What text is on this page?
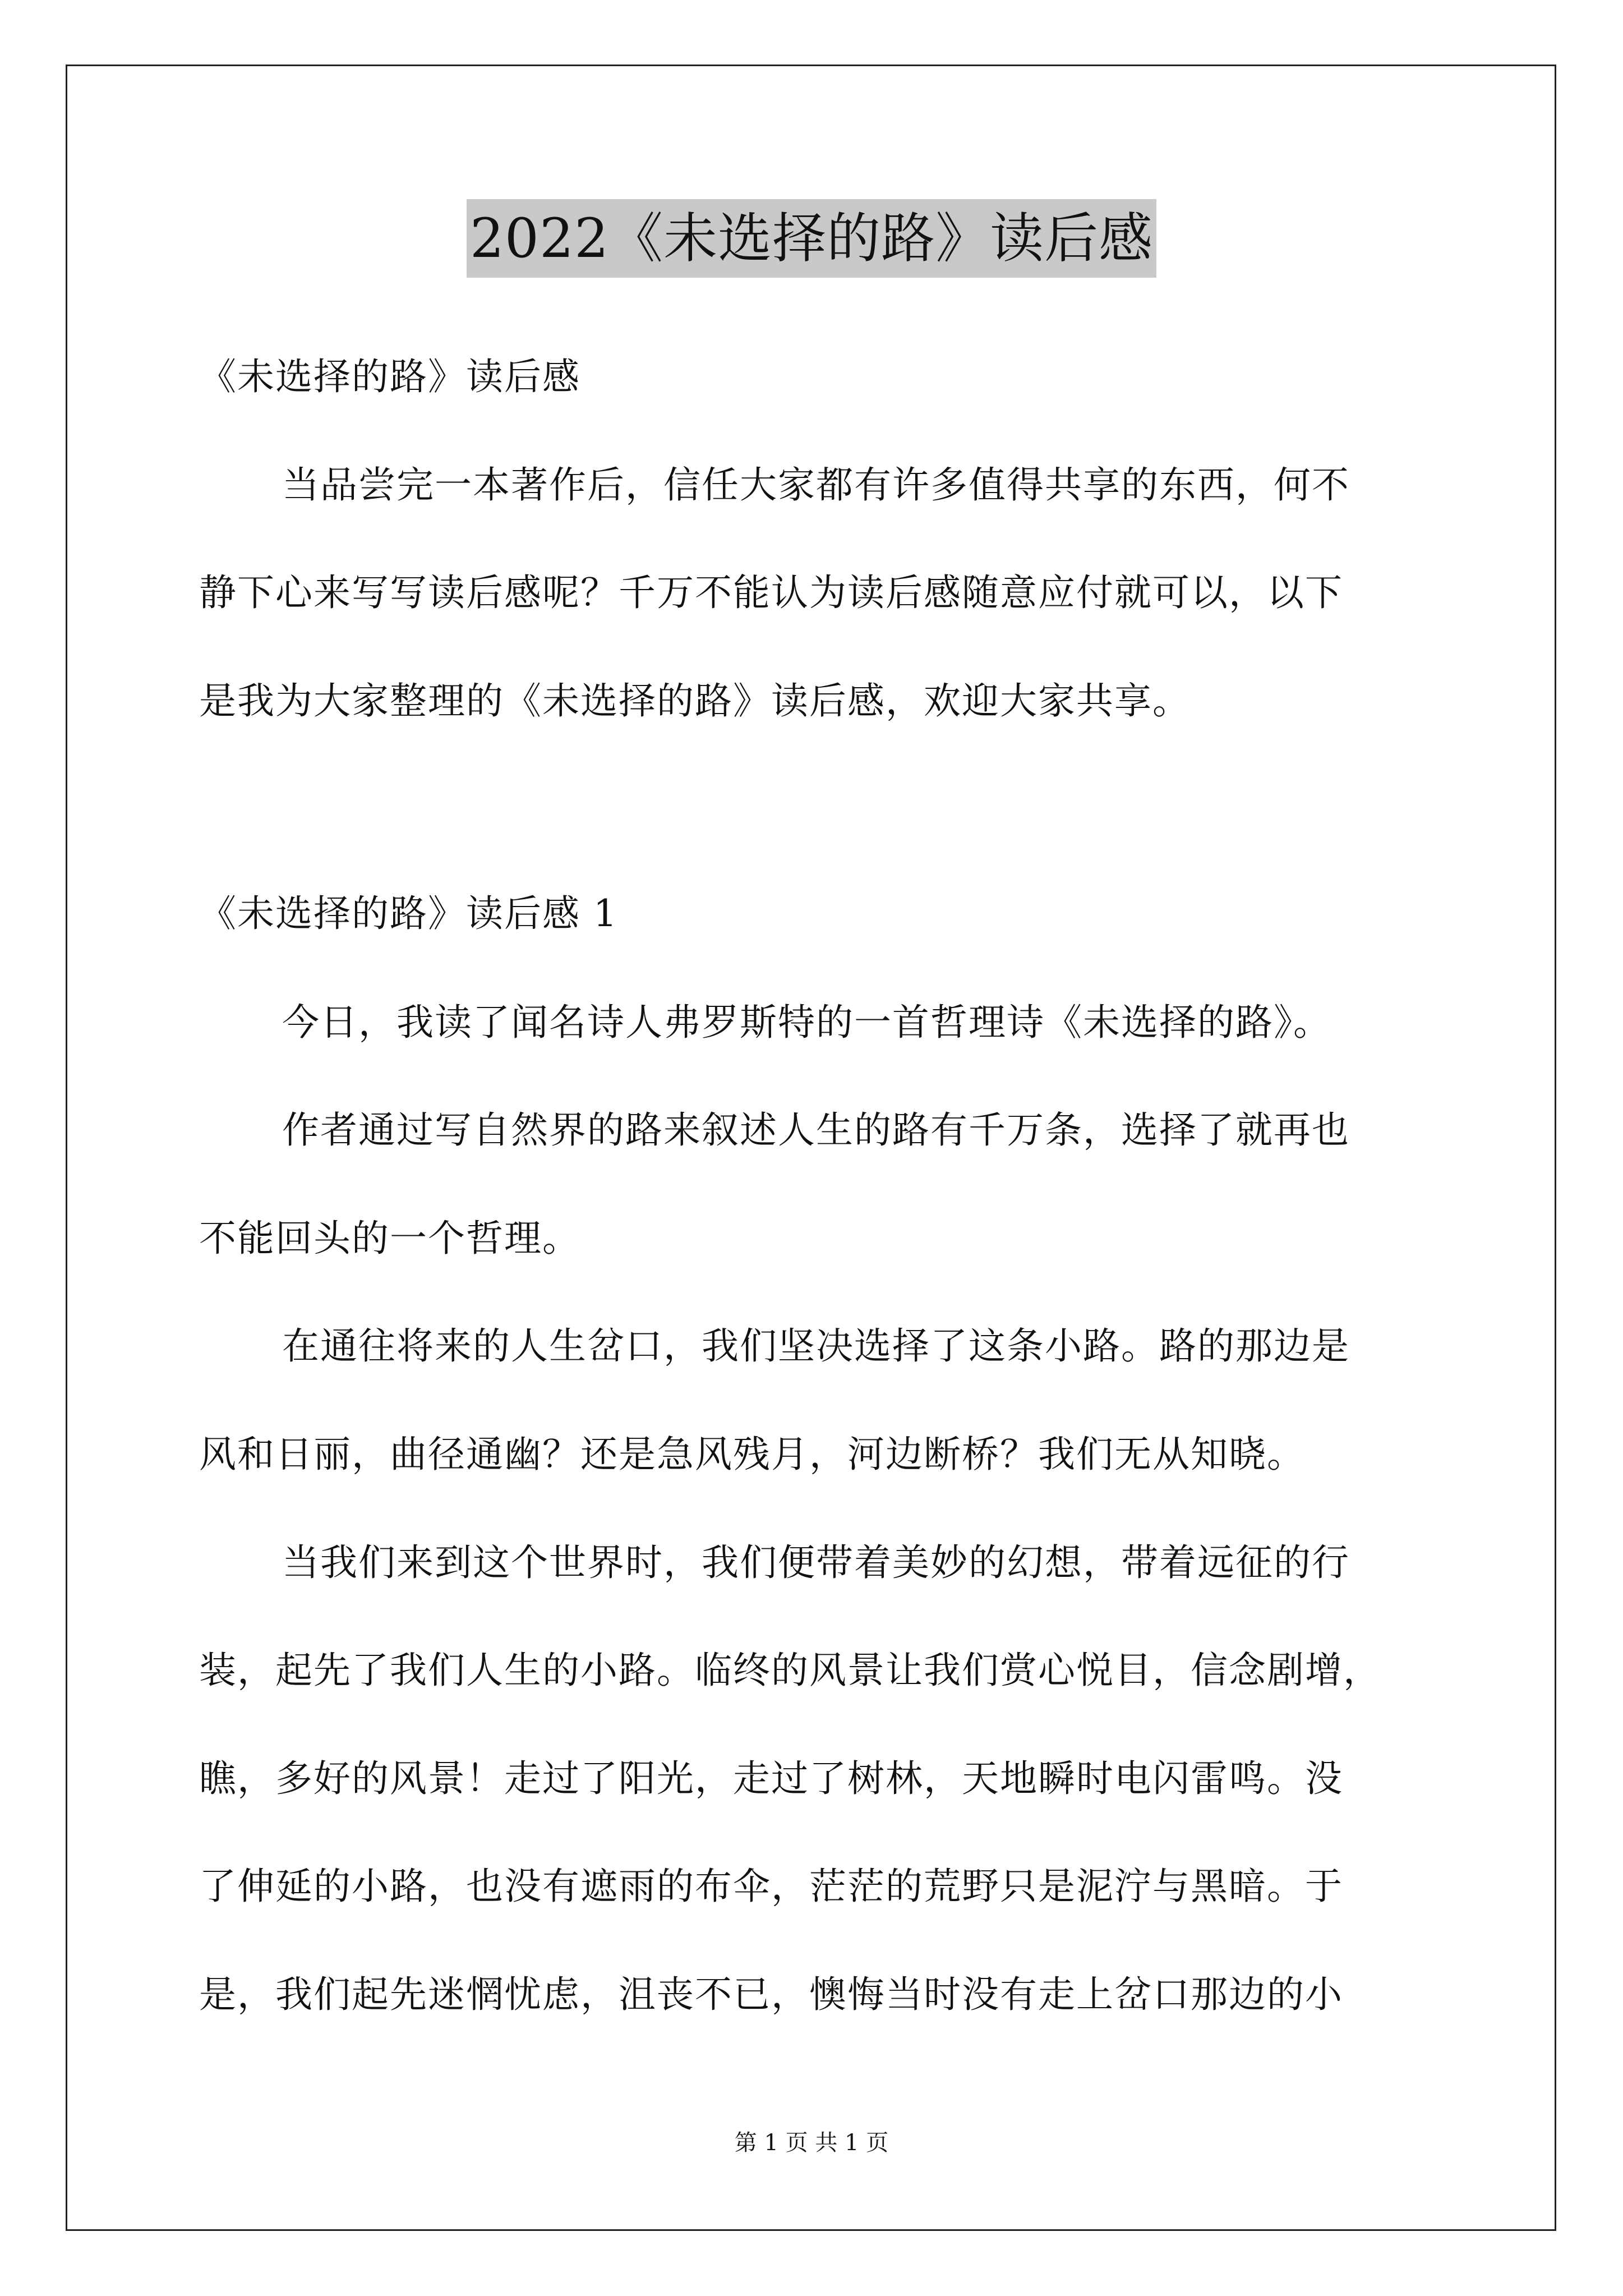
2022《未选择的路》读后感
《未选择的路》读后感
当品尝完一本著作后，信任大家都有许多值得共享的东西，何不
静下心来写写读后感呢？千万不能认为读后感随意应付就可以，以下
是我为大家整理的《未选择的路》读后感，欢迎大家共享。
《未选择的路》读后感 1
今日，我读了闻名诗人弗罗斯特的一首哲理诗《未选择的路》。
作者通过写自然界的路来叙述人生的路有千万条，选择了就再也
不能回头的一个哲理。
在通往将来的人生岔口，我们坚决选择了这条小路。路的那边是
风和日丽，曲径通幽？还是急风残月，河边断桥？我们无从知晓。
当我们来到这个世界时，我们便带着美妙的幻想，带着远征的行
装，起先了我们人生的小路。临终的风景让我们赏心悦目，信念剧增，
瞧，多好的风景！走过了阳光，走过了树林，天地瞬时电闪雷鸣。没
了伸延的小路，也没有遮雨的布伞，茫茫的荒野只是泥泞与黑暗。于
是，我们起先迷惘忧虑，沮丧不已，懊悔当时没有走上岔口那边的小
第 1 页 共 1 页
